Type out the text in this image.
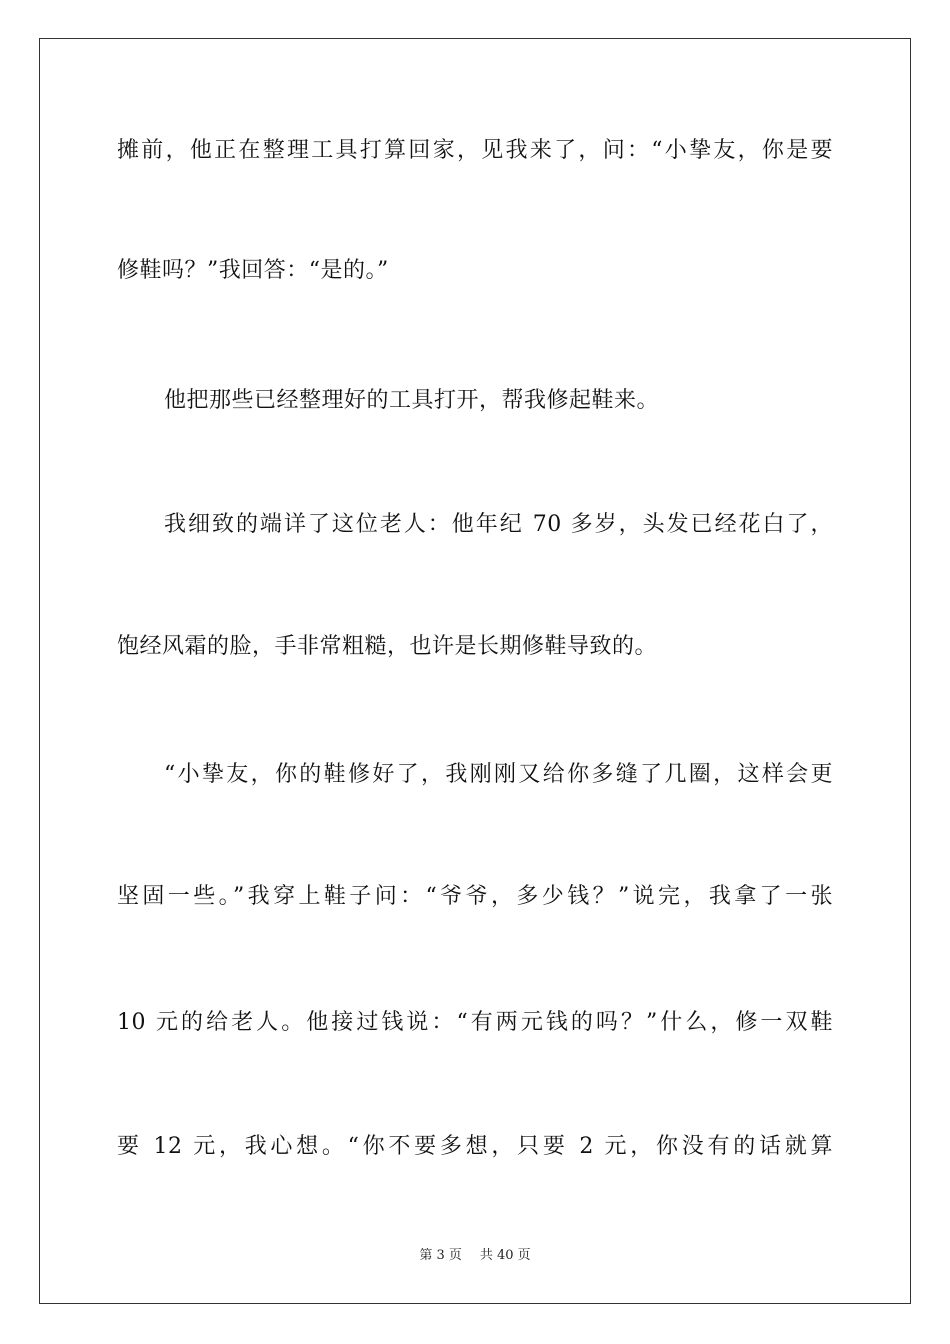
摊前，他正在整理工具打算回家，见我来了，问：“小挚友，你是要
修鞋吗？”我回答：“是的。”
他把那些已经整理好的工具打开，帮我修起鞋来。
我细致的端详了这位老人：他年纪 70 多岁，头发已经花白了，
饱经风霜的脸，手非常粗糙，也许是长期修鞋导致的。
“小挚友，你的鞋修好了，我刚刚又给你多缝了几圈，这样会更
坚固一些。”我穿上鞋子问：“爷爷，多少钱？”说完，我拿了一张
10 元的给老人。他接过钱说：“有两元钱的吗？”什么，修一双鞋
要 12 元，我心想。“你不要多想，只要 2 元，你没有的话就算
第 3 页 共 40 页
